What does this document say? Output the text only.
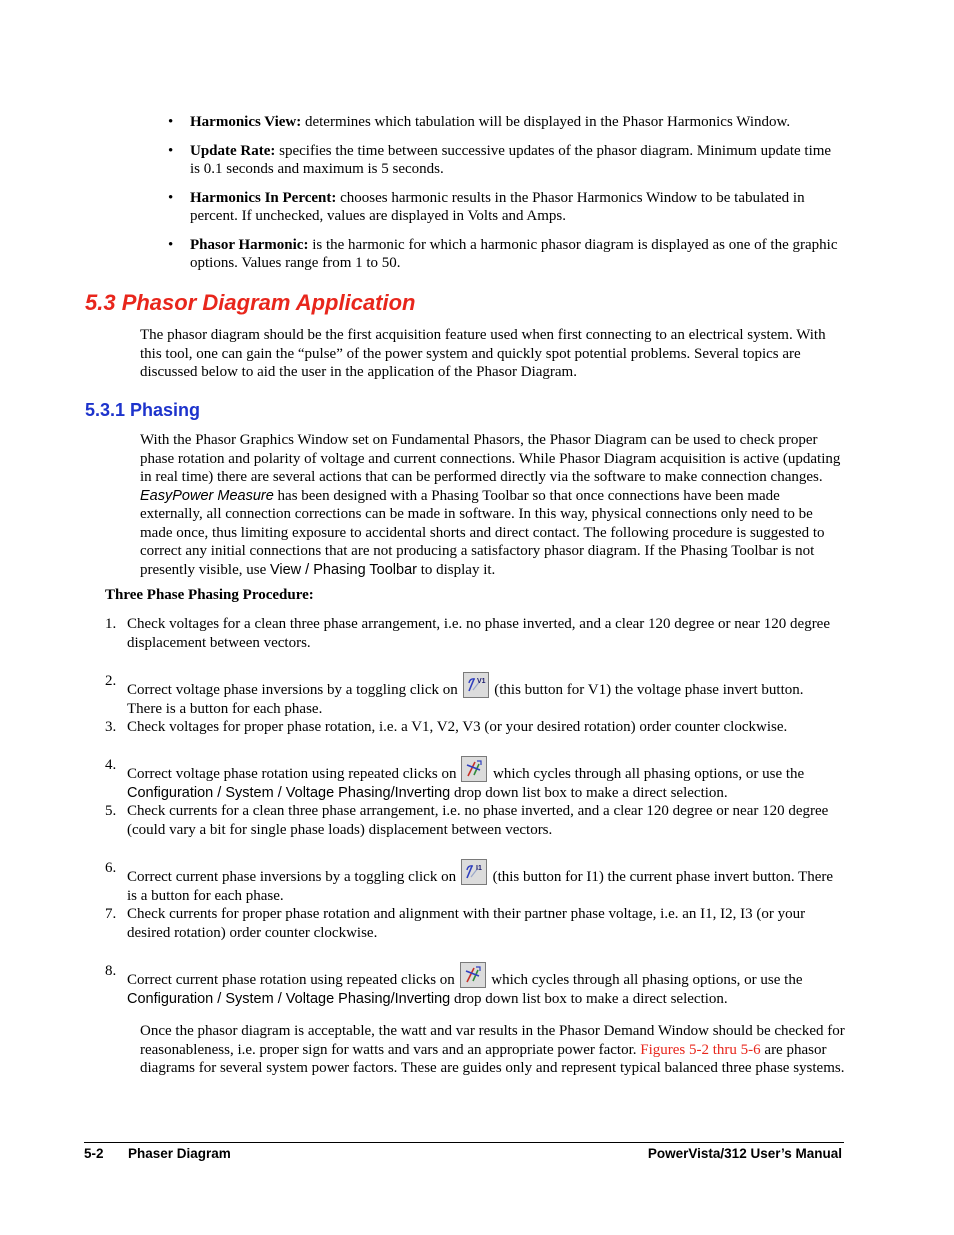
• Harmonics View: determines which tabulation will be displayed in the Phasor Harmonics Window.
• Update Rate: specifies the time between successive updates of the phasor diagram. Minimum update time is 0.1 seconds and maximum is 5 seconds.
• Harmonics In Percent: chooses harmonic results in the Phasor Harmonics Window to be tabulated in percent. If unchecked, values are displayed in Volts and Amps.
• Phasor Harmonic: is the harmonic for which a harmonic phasor diagram is displayed as one of the graphic options. Values range from 1 to 50.
5.3 Phasor Diagram Application
The phasor diagram should be the first acquisition feature used when first connecting to an electrical system. With this tool, one can gain the “pulse” of the power system and quickly spot potential problems. Several topics are discussed below to aid the user in the application of the Phasor Diagram.
5.3.1 Phasing
With the Phasor Graphics Window set on Fundamental Phasors, the Phasor Diagram can be used to check proper phase rotation and polarity of voltage and current connections. While Phasor Diagram acquisition is active (updating in real time) there are several actions that can be performed directly via the software to make connection changes. EasyPower Measure has been designed with a Phasing Toolbar so that once connections have been made externally, all connection corrections can be made in software. In this way, physical connections only need to be made once, thus limiting exposure to accidental shorts and direct contact. The following procedure is suggested to correct any initial connections that are not producing a satisfactory phasor diagram. If the Phasing Toolbar is not presently visible, use View / Phasing Toolbar to display it.
Three Phase Phasing Procedure:
1. Check voltages for a clean three phase arrangement, i.e. no phase inverted, and a clear 120 degree or near 120 degree displacement between vectors.
2.
Correct voltage phase inversions by a toggling click on
V1
(this button for V1) the voltage phase invert button. There is a button for each phase.
3. Check voltages for proper phase rotation, i.e. a V1, V2, V3 (or your desired rotation) order counter clockwise.
4.
Correct voltage phase rotation using repeated clicks on
which cycles through all phasing options, or use the Configuration / System / Voltage Phasing/Inverting drop down list box to make a direct selection.
5. Check currents for a clean three phase arrangement, i.e. no phase inverted, and a clear 120 degree or near 120 degree (could vary a bit for single phase loads) displacement between vectors.
6.
Correct current phase inversions by a toggling click on
I1
(this button for I1) the current phase invert button. There is a button for each phase.
7. Check currents for proper phase rotation and alignment with their partner phase voltage, i.e. an I1, I2, I3 (or your desired rotation) order counter clockwise.
8.
Correct current phase rotation using repeated clicks on
which cycles through all phasing options, or use the Configuration / System / Voltage Phasing/Inverting drop down list box to make a direct selection.
Once the phasor diagram is acceptable, the watt and var results in the Phasor Demand Window should be checked for reasonableness, i.e. proper sign for watts and vars and an appropriate power factor. Figures 5-2 thru 5-6 are phasor diagrams for several system power factors. These are guides only and represent typical balanced three phase systems.
5-2 Phaser Diagram	PowerVista/312 User’s Manual
